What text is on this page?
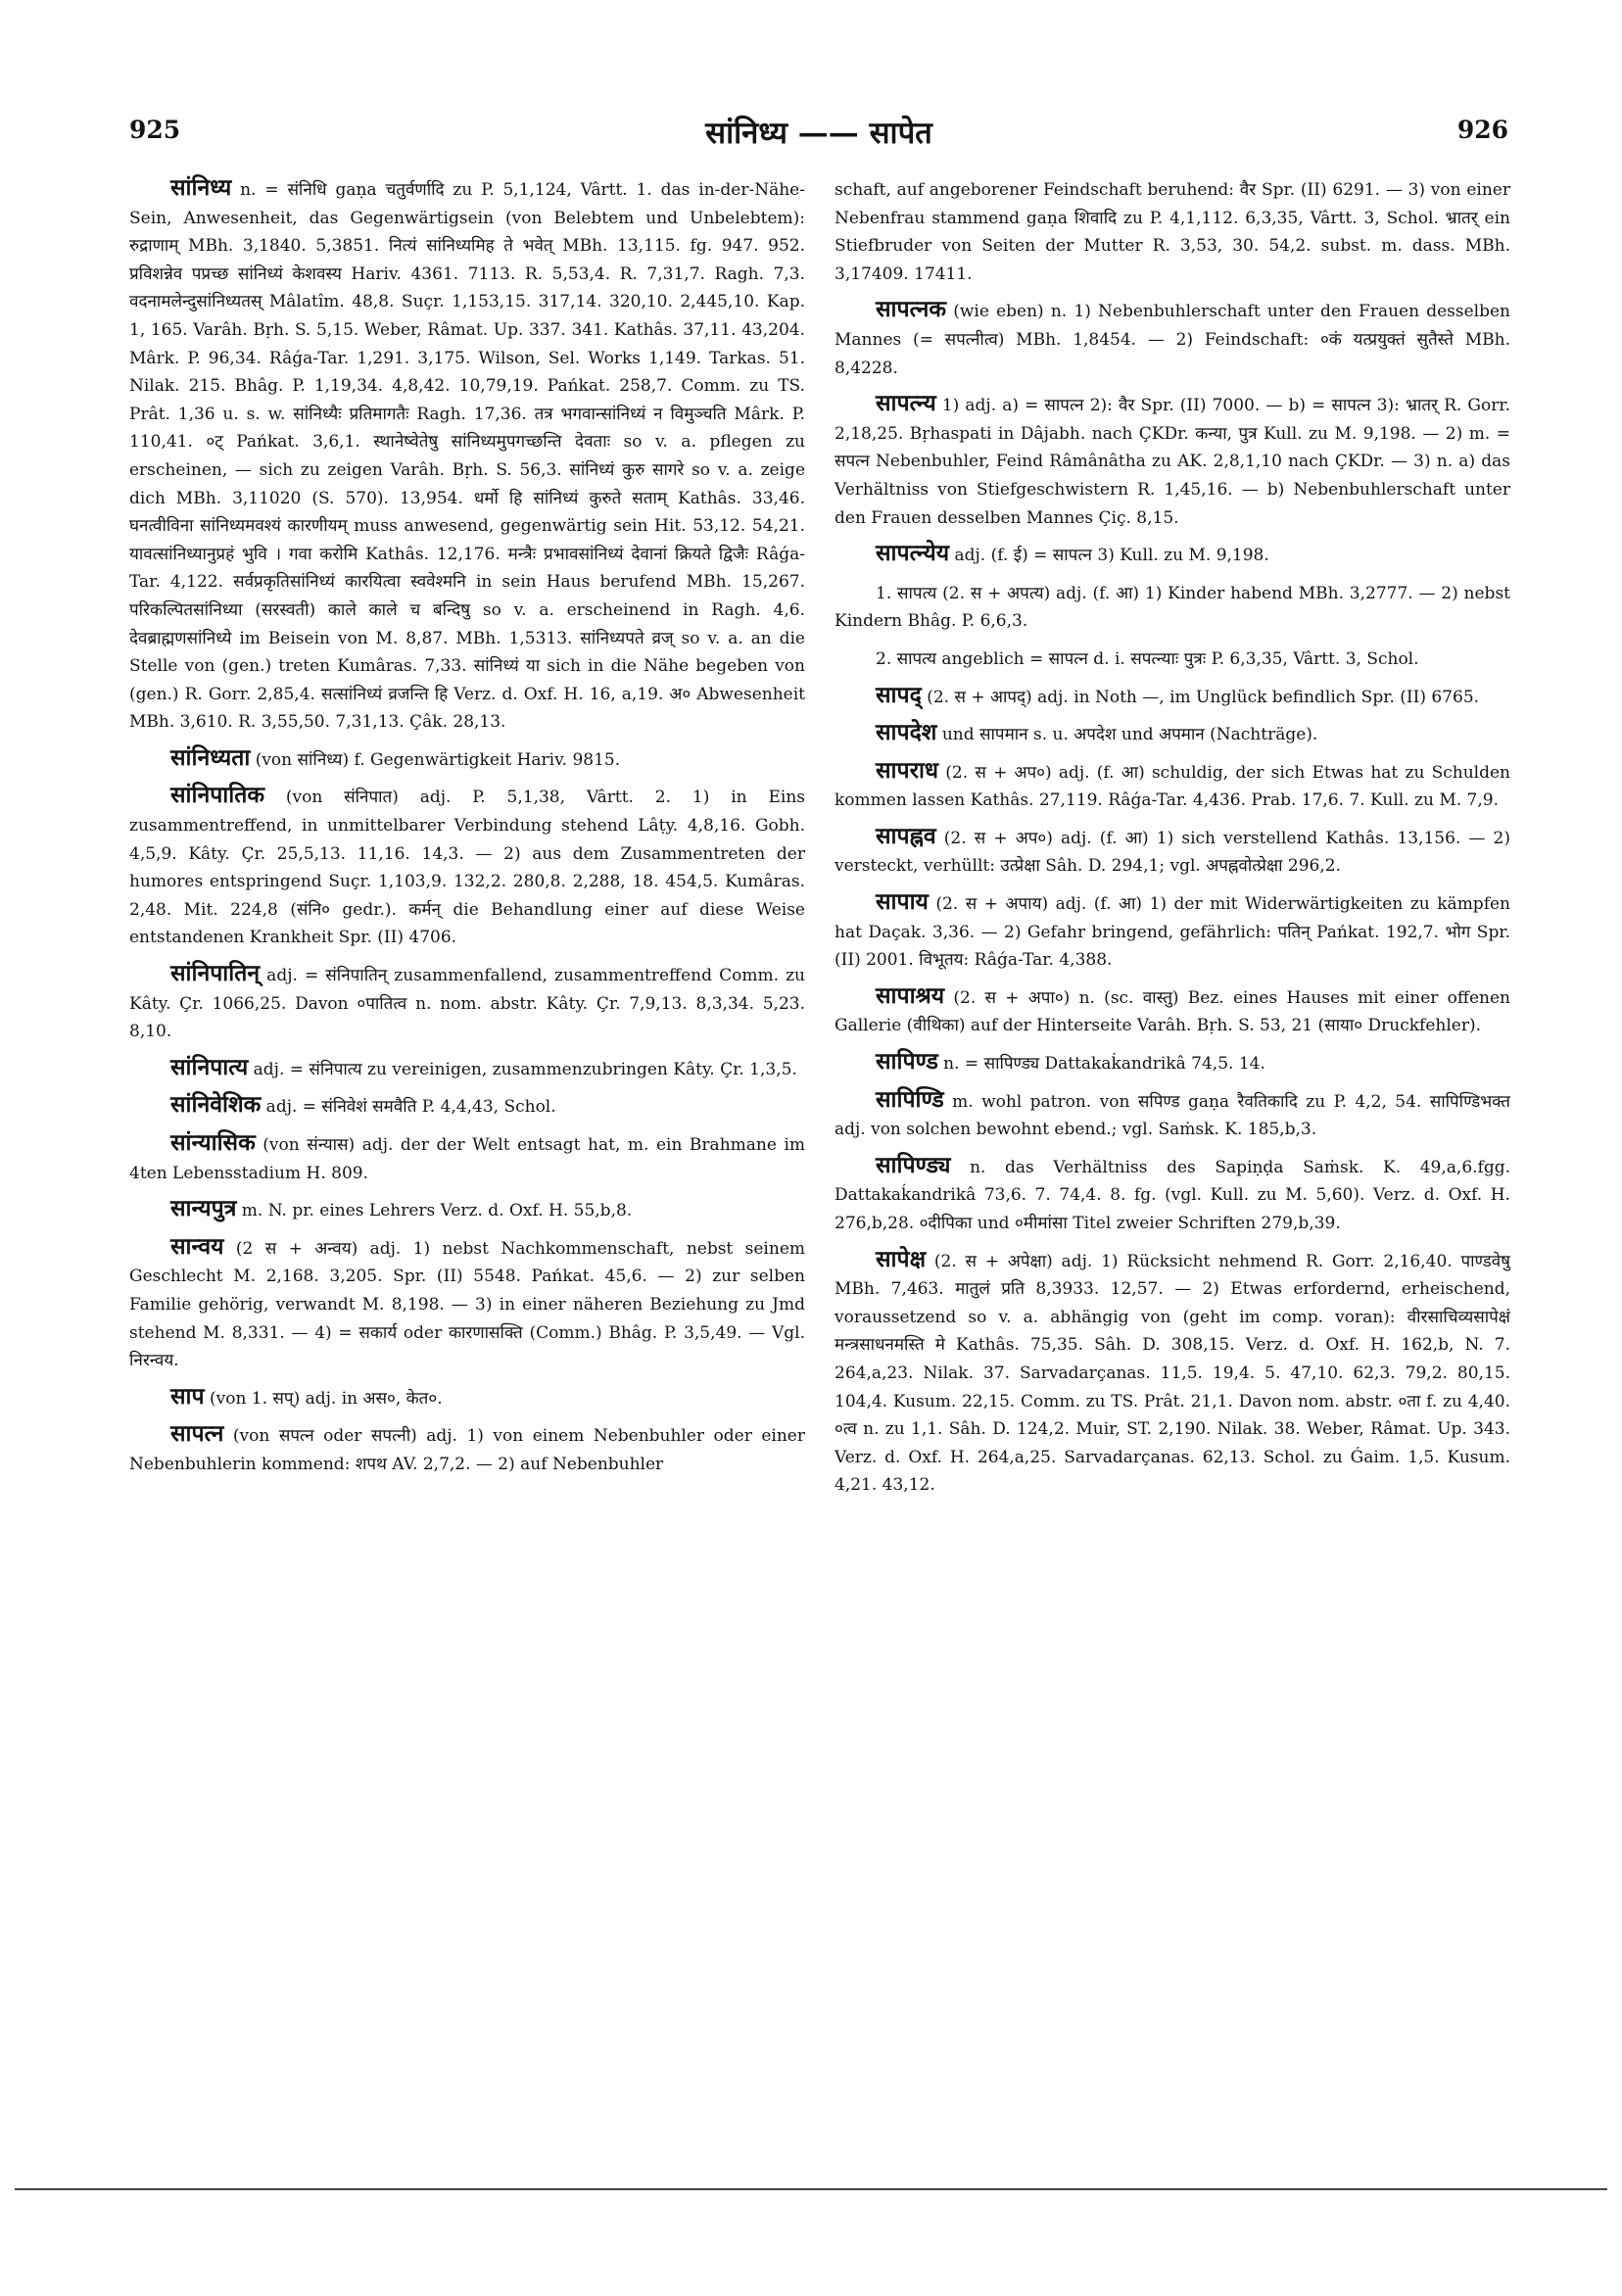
925	सांनिध्य —— सापेत	926

सांनिध्य n. = संनिधि gaṇa चतुर्वर्णादि zu P. 5,1,124, Vârtt. 1. das in-der-Nähe-Sein, Anwesenheit, das Gegenwärtigsein (von Belebtem und Unbelebtem): रुद्राणाम् MBh. 3,1840. 5,3851. नित्यं सांनिध्यमिह ते भवेत् MBh. 13,115. fg. 947. 952. प्रविशन्नेव पप्रच्छ सांनिध्यं केशवस्य Hariv. 4361. 7113. R. 5,53,4. R. 7,31,7. Ragh. 7,3. वदनामलेन्दुसांनिध्यतस् Mâlatîm. 48,8. Suçr. 1,153,15. 317,14. 320,10. 2,445,10. Kap. 1, 165. Varâh. Bṛh. S. 5,15. Weber, Râmat. Up. 337. 341. Kathâs. 37,11. 43,204. Mârk. P. 96,34. Râǵa-Tar. 1,291. 3,175. Wilson, Sel. Works 1,149. Tarkas. 51. Nilak. 215. Bhâg. P. 1,19,34. 4,8,42. 10,79,19. Pańkat. 258,7. Comm. zu TS. Prât. 1,36 u. s. w. सांनिध्यैः प्रतिमागतैः Ragh. 17,36. तत्र भगवान्सांनिध्यं न विमुञ्चति Mârk. P. 110,41. ०ट् Pańkat. 3,6,1. स्थानेष्वेतेषु सांनिध्यमुपगच्छन्ति देवताः so v. a. pflegen zu erscheinen, — sich zu zeigen Varâh. Bṛh. S. 56,3. सांनिध्यं कुरु सागरे so v. a. zeige dich MBh. 3,11020 (S. 570). 13,954. धर्मो हि सांनिध्यं कुरुते सताम् Kathâs. 33,46. घनत्वीविना सांनिध्यमवश्यं कारणीयम् muss anwesend, gegenwärtig sein Hit. 53,12. 54,21. यावत्सांनिध्यानुप्रहं भुवि । गवा करोमि Kathâs. 12,176. मन्त्रैः प्रभावसांनिध्यं देवानां क्रियते द्विजैः Râǵa-Tar. 4,122. सर्वप्रकृतिसांनिध्यं कारयित्वा स्ववेश्मनि in sein Haus berufend MBh. 15,267. परिकल्पितसांनिध्या (सरस्वती) काले काले च बन्दिषु so v. a. erscheinend in Ragh. 4,6. देवब्राह्मणसांनिध्ये im Beisein von M. 8,87. MBh. 1,5313. सांनिध्यपते व्रज् so v. a. an die Stelle von (gen.) treten Kumâras. 7,33. सांनिध्यं या sich in die Nähe begeben von (gen.) R. Gorr. 2,85,4. सत्सांनिध्यं व्रजन्ति हि Verz. d. Oxf. H. 16, a,19. अ० Abwesenheit MBh. 3,610. R. 3,55,50. 7,31,13. Çâk. 28,13.

सांनिध्यता (von सांनिध्य) f. Gegenwärtigkeit Hariv. 9815.

सांनिपातिक (von संनिपात) adj. P. 5,1,38, Vârtt. 2. 1) in Eins zusammentreffend, in unmittelbarer Verbindung stehend Lâṭy. 4,8,16. Gobh. 4,5,9. Kâty. Çr. 25,5,13. 11,16. 14,3. — 2) aus dem Zusammentreten der humores entspringend Suçr. 1,103,9. 132,2. 280,8. 2,288, 18. 454,5. Kumâras. 2,48. Mit. 224,8 (संनि० gedr.). कर्मन् die Behandlung einer auf diese Weise entstandenen Krankheit Spr. (II) 4706.

सांनिपातिन् adj. = संनिपातिन् zusammenfallend, zusammentreffend Comm. zu Kâty. Çr. 1066,25. Davon ०पातित्व n. nom. abstr. Kâty. Çr. 7,9,13. 8,3,34. 5,23. 8,10.

सांनिपात्य adj. = संनिपात्य zu vereinigen, zusammenzubringen Kâty. Çr. 1,3,5.

सांनिवेशिक adj. = संनिवेशं समवैति P. 4,4,43, Schol.

सांन्यासिक (von संन्यास) adj. der der Welt entsagt hat, m. ein Brahmane im 4ten Lebensstadium H. 809.

सान्यपुत्र m. N. pr. eines Lehrers Verz. d. Oxf. H. 55,b,8.

सान्वय (2 स + अन्वय) adj. 1) nebst Nachkommenschaft, nebst seinem Geschlecht M. 2,168. 3,205. Spr. (II) 5548. Pańkat. 45,6. — 2) zur selben Familie gehörig, verwandt M. 8,198. — 3) in einer näheren Beziehung zu Jmd stehend M. 8,331. — 4) = सकार्य oder कारणासक्ति (Comm.) Bhâg. P. 3,5,49. — Vgl. निरन्वय.

साप (von 1. सप्) adj. in अस०, केत०.

सापत्न (von सपत्न oder सपत्नी) adj. 1) von einem Nebenbuhler oder einer Nebenbuhlerin kommend: शपथ AV. 2,7,2. — 2) auf Nebenbuhler

schaft, auf angeborener Feindschaft beruhend: वैर Spr. (II) 6291. — 3) von einer Nebenfrau stammend gaṇa शिवादि zu P. 4,1,112. 6,3,35, Vârtt. 3, Schol. भ्रातर् ein Stiefbruder von Seiten der Mutter R. 3,53, 30. 54,2. subst. m. dass. MBh. 3,17409. 17411.

सापत्नक (wie eben) n. 1) Nebenbuhlerschaft unter den Frauen desselben Mannes (= सपत्नीत्व) MBh. 1,8454. — 2) Feindschaft: ०कं यत्प्रयुक्तं सुतैस्ते MBh. 8,4228.

सापत्न्य 1) adj. a) = सापत्न 2): वैर Spr. (II) 7000. — b) = सापत्न 3): भ्रातर् R. Gorr. 2,18,25. Bṛhaspati in Dâjabh. nach ÇKDr. कन्या, पुत्र Kull. zu M. 9,198. — 2) m. = सपत्न Nebenbuhler, Feind Râmânâtha zu AK. 2,8,1,10 nach ÇKDr. — 3) n. a) das Verhältniss von Stiefgeschwistern R. 1,45,16. — b) Nebenbuhlerschaft unter den Frauen desselben Mannes Çiç. 8,15.

सापत्न्येय adj. (f. ई) = सापत्न 3) Kull. zu M. 9,198.

1. सापत्य (2. स + अपत्य) adj. (f. आ) 1) Kinder habend MBh. 3,2777. — 2) nebst Kindern Bhâg. P. 6,6,3.

2. सापत्य angeblich = सापत्न d. i. सपत्न्याः पुत्रः P. 6,3,35, Vârtt. 3, Schol.

सापद् (2. स + आपद्) adj. in Noth —, im Unglück befindlich Spr. (II) 6765.

सापदेश und सापमान s. u. अपदेश und अपमान (Nachträge).

सापराध (2. स + अप०) adj. (f. आ) schuldig, der sich Etwas hat zu Schulden kommen lassen Kathâs. 27,119. Râǵa-Tar. 4,436. Prab. 17,6. 7. Kull. zu M. 7,9.

सापह्नव (2. स + अप०) adj. (f. आ) 1) sich verstellend Kathâs. 13,156. — 2) versteckt, verhüllt: उत्प्रेक्षा Sâh. D. 294,1; vgl. अपह्नवोत्प्रेक्षा 296,2.

सापाय (2. स + अपाय) adj. (f. आ) 1) der mit Widerwärtigkeiten zu kämpfen hat Daçak. 3,36. — 2) Gefahr bringend, gefährlich: पतिन् Pańkat. 192,7. भोग Spr. (II) 2001. विभूतय: Râǵa-Tar. 4,388.

सापाश्रय (2. स + अपा०) n. (sc. वास्तु) Bez. eines Hauses mit einer offenen Gallerie (वीथिका) auf der Hinterseite Varâh. Bṛh. S. 53, 21 (साया० Druckfehler).

सापिण्ड n. = सापिण्ड्य Dattakaḱandrikâ 74,5. 14.

सापिण्डि m. wohl patron. von सपिण्ड gaṇa रैवतिकादि zu P. 4,2, 54. सापिण्डिभक्त adj. von solchen bewohnt ebend.; vgl. Saṁsk. K. 185,b,3.

सापिण्ड्य n. das Verhältniss des Sapiṇḍa Saṁsk. K. 49,a,6.fgg. Dattakaḱandrikâ 73,6. 7. 74,4. 8. fg. (vgl. Kull. zu M. 5,60). Verz. d. Oxf. H. 276,b,28. ०दीपिका und ०मीमांसा Titel zweier Schriften 279,b,39.

सापेक्ष (2. स + अपेक्षा) adj. 1) Rücksicht nehmend R. Gorr. 2,16,40. पाण्डवेषु MBh. 7,463. मातुलं प्रति 8,3933. 12,57. — 2) Etwas erfordernd, erheischend, voraussetzend so v. a. abhängig von (geht im comp. voran): वीरसाचिव्यसापेक्षं मन्त्रसाधनमस्ति मे Kathâs. 75,35. Sâh. D. 308,15. Verz. d. Oxf. H. 162,b, N. 7. 264,a,23. Nilak. 37. Sarvadarçanas. 11,5. 19,4. 5. 47,10. 62,3. 79,2. 80,15. 104,4. Kusum. 22,15. Comm. zu TS. Prât. 21,1. Davon nom. abstr. ०ता f. zu 4,40. ०त्व n. zu 1,1. Sâh. D. 124,2. Muir, ST. 2,190. Nilak. 38. Weber, Râmat. Up. 343. Verz. d. Oxf. H. 264,a,25. Sarvadarçanas. 62,13. Schol. zu Ǵaim. 1,5. Kusum. 4,21. 43,12.
